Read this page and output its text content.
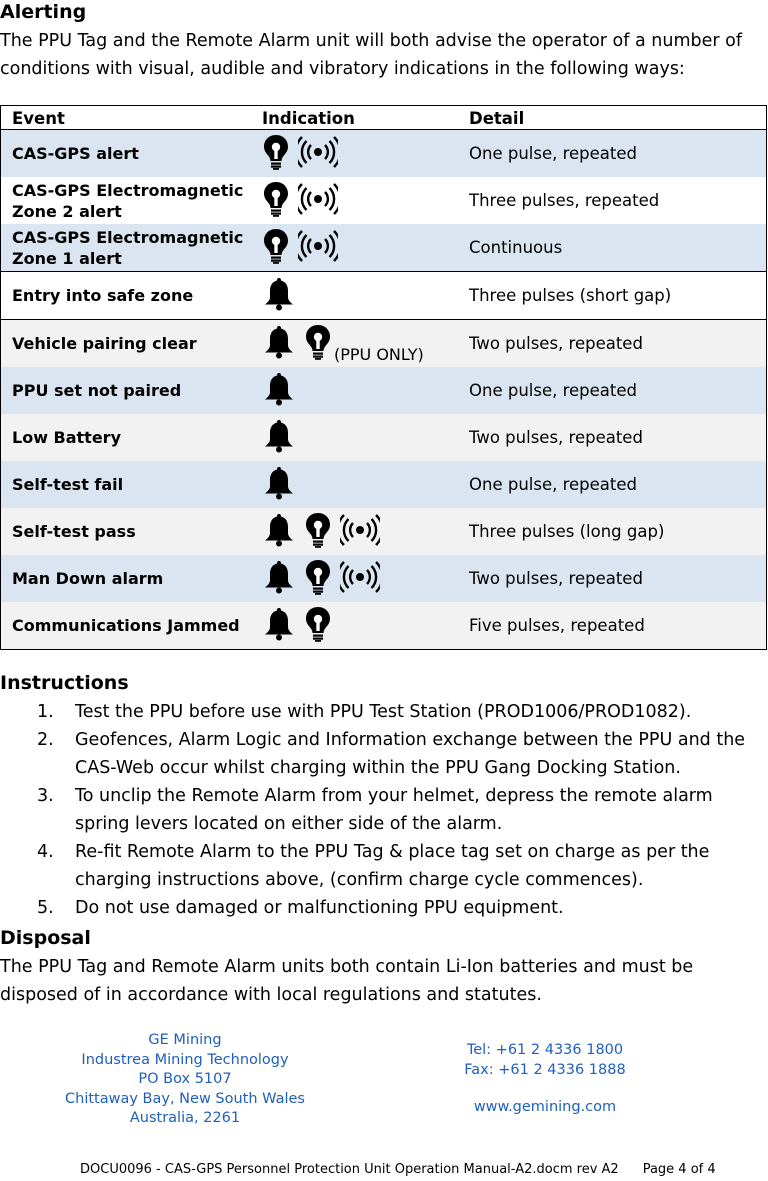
Alerting
The PPU Tag and the Remote Alarm unit will both advise the operator of a number of conditions with visual, audible and vibratory indications in the following ways:
Event	Indication	Detail
CAS-GPS alert		One pulse, repeated
CAS-GPS Electromagnetic Zone 2 alert		Three pulses, repeated
CAS-GPS Electromagnetic Zone 1 alert		Continuous
Entry into safe zone		Three pulses (short gap)
Vehicle pairing clear	(PPU ONLY)	Two pulses, repeated
PPU set not paired		One pulse, repeated
Low Battery		Two pulses, repeated
Self-test fail		One pulse, repeated
Self-test pass		Three pulses (long gap)
Man Down alarm		Two pulses, repeated
Communications Jammed		Five pulses, repeated
Instructions
1. Test the PPU before use with PPU Test Station (PROD1006/PROD1082).
2. Geofences, Alarm Logic and Information exchange between the PPU and the CAS-Web occur whilst charging within the PPU Gang Docking Station.
3. To unclip the Remote Alarm from your helmet, depress the remote alarm spring levers located on either side of the alarm.
4. Re-fit Remote Alarm to the PPU Tag & place tag set on charge as per the charging instructions above, (confirm charge cycle commences).
5. Do not use damaged or malfunctioning PPU equipment.
Disposal
The PPU Tag and Remote Alarm units both contain Li-Ion batteries and must be disposed of in accordance with local regulations and statutes.
GE Mining
Industrea Mining Technology
PO Box 5107
Chittaway Bay, New South Wales
Australia, 2261
Tel: +61 2 4336 1800
Fax: +61 2 4336 1888
www.gemining.com
DOCU0096 - CAS-GPS Personnel Protection Unit Operation Manual-A2.docm rev A2 Page 4 of 4
